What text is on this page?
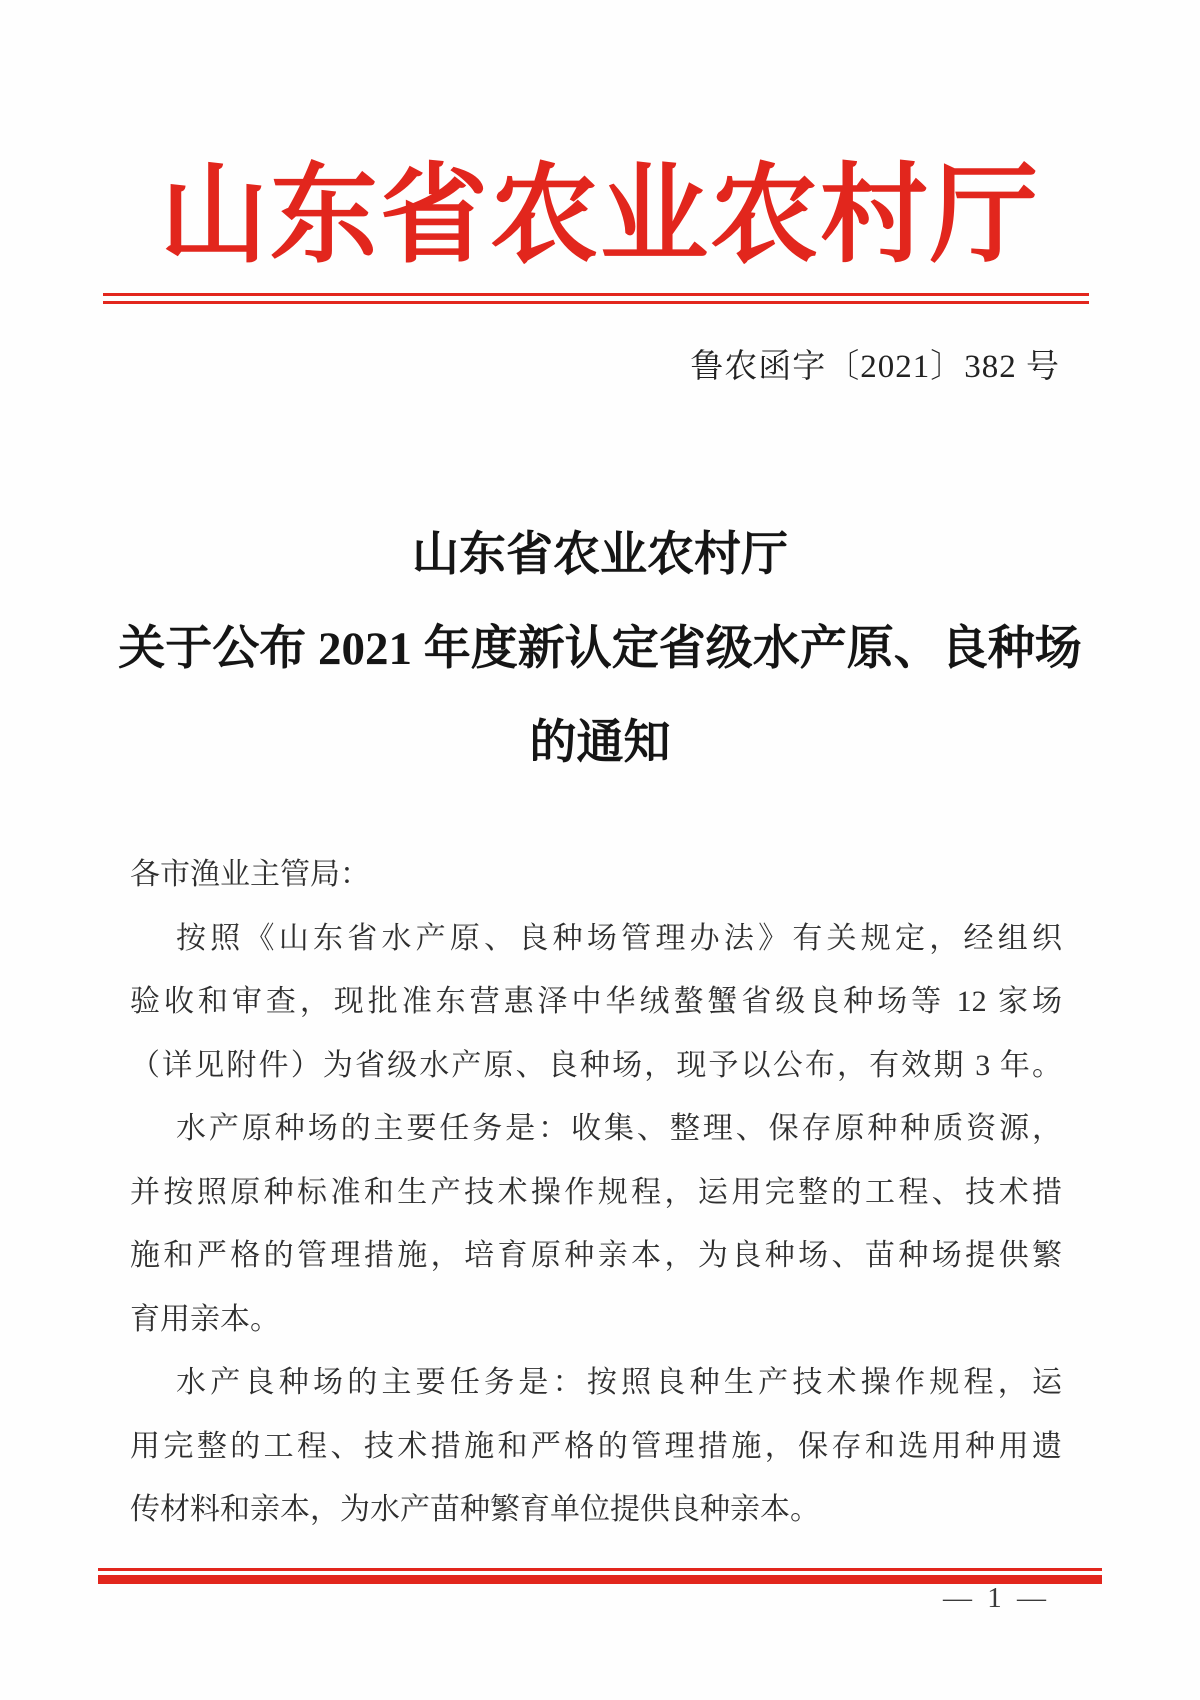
山东省农业农村厅
鲁农函字〔2021〕382 号
山东省农业农村厅
关于公布 2021 年度新认定省级水产原、良种场
的通知
各市渔业主管局：
按照《山东省水产原、良种场管理办法》有关规定，经组织
验收和审查，现批准东营惠泽中华绒螯蟹省级良种场等 12 家场
（详见附件）为省级水产原、良种场，现予以公布，有效期 3 年。
水产原种场的主要任务是：收集、整理、保存原种种质资源，
并按照原种标准和生产技术操作规程，运用完整的工程、技术措
施和严格的管理措施，培育原种亲本，为良种场、苗种场提供繁
育用亲本。
水产良种场的主要任务是：按照良种生产技术操作规程，运
用完整的工程、技术措施和严格的管理措施，保存和选用种用遗
传材料和亲本，为水产苗种繁育单位提供良种亲本。
— 1 —
